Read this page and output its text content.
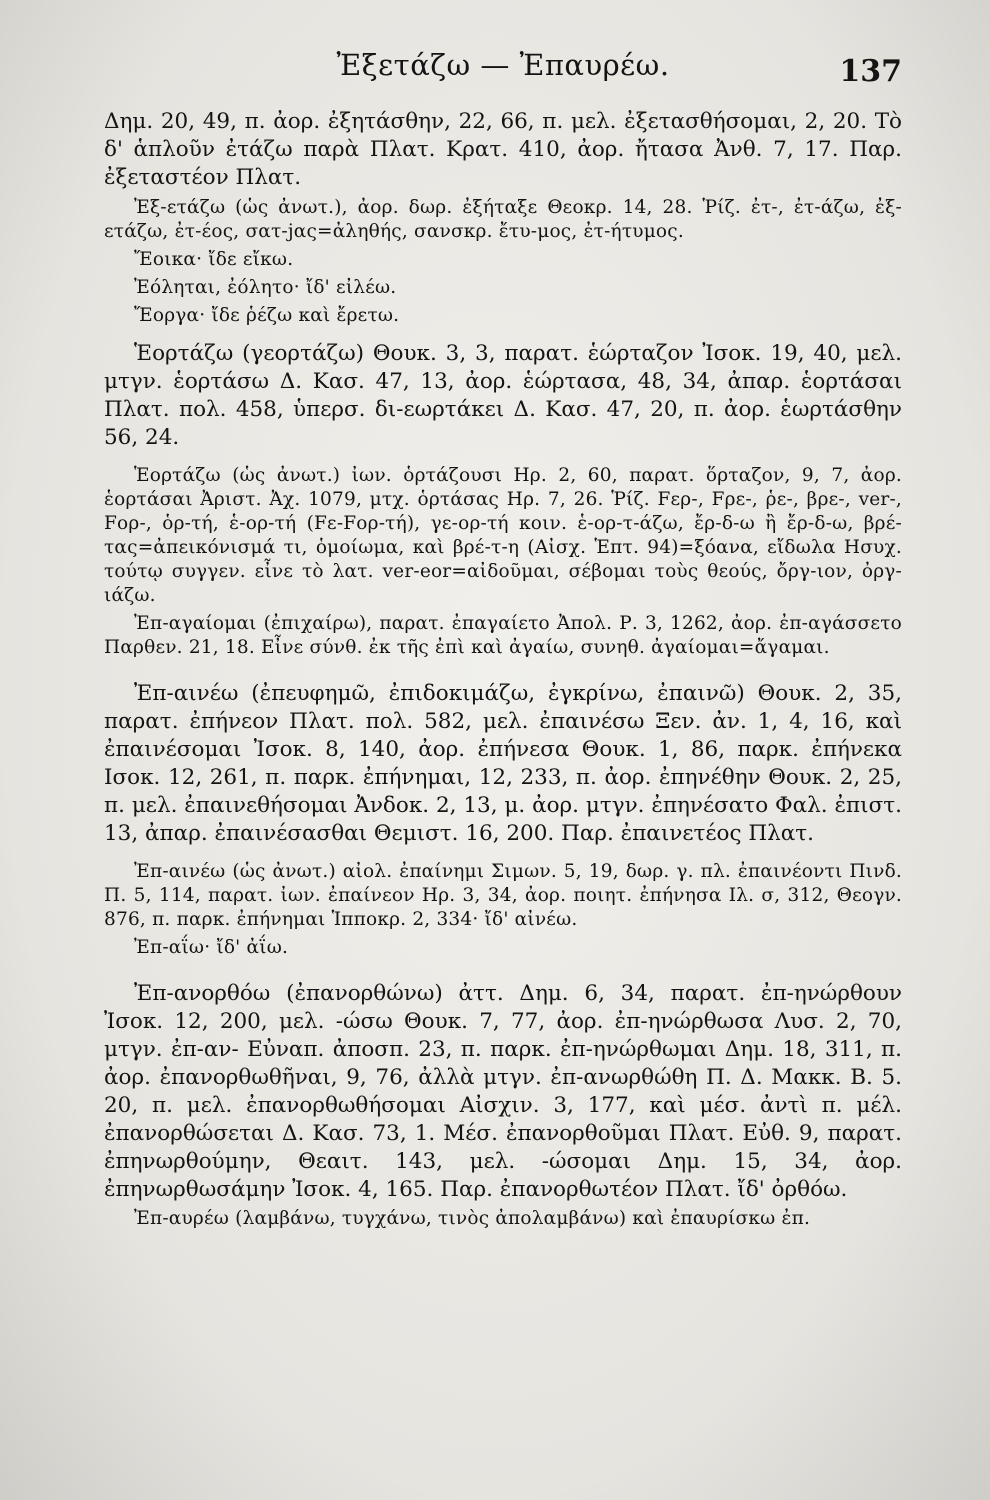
Ἐξετάζω — Ἐπαυρέω.	137

Δημ. 20, 49, π. ἀορ. ἐξητάσθην, 22, 66, π. μελ. ἐξετασθήσομαι, 2, 20. Τὸ δ' ἁπλοῦν ἐτάζω παρὰ Πλατ. Κρατ. 410, ἀορ. ἤτασα Ἀνθ. 7, 17. Παρ. ἐξεταστέον Πλατ.

Ἐξ-ετάζω (ὡς ἀνωτ.), ἀορ. δωρ. ἐξήταξε Θεοκρ. 14, 28. Ῥίζ. ἐτ-, ἐτ-άζω, ἐξ-ετάζω, ἐτ-έος, σατ-jας=ἀληθής, σανσκρ. ἔτυ-μος, ἐτ-ήτυμος.

Ἔοικα· ἴδε εἴκω.

Ἐόληται, ἐόλητο· ἴδ' εἰλέω.

Ἔοργα· ἴδε ῥέζω καὶ ἔρετω.

Ἑορτάζω (γεορτάζω) Θουκ. 3, 3, παρατ. ἑώρταζον Ἰσοκ. 19, 40, μελ. μτγν. ἑορτάσω Δ. Κασ. 47, 13, ἀορ. ἑώρτασα, 48, 34, ἀπαρ. ἑορτάσαι Πλατ. πολ. 458, ὑπερσ. δι-εωρτάκει Δ. Κασ. 47, 20, π. ἀορ. ἑωρτάσθην 56, 24.

Ἑορτάζω (ὡς ἀνωτ.) ἰων. ὁρτάζουσι Ηρ. 2, 60, παρατ. ὅρταζον, 9, 7, ἀορ. ἑορτάσαι Ἀριστ. Ἀχ. 1079, μτχ. ὁρτάσας Ηρ. 7, 26. Ῥίζ. Fερ-, Fρε-, ῥε-, βρε-, ver-, Fορ-, ὁρ-τή, ἑ-ορ-τή (Fε-Fορ-τή), γε-ορ-τή κοιν. ἑ-ορ-τ-άζω, ἔρ-δ-ω ἢ ἔρ-δ-ω, βρέ-τας=ἀπεικόνισμά τι, ὁμοίωμα, καὶ βρέ-τ-η (Αἰσχ. Ἑπτ. 94)=ξόανα, εἴδωλα Ησυχ. τούτῳ συγγεν. εἶνε τὸ λατ. ver-eor=αἰδοῦμαι, σέβομαι τοὺς θεούς, ὄργ-ιον, ὀργ-ιάζω.

Ἐπ-αγαίομαι (ἐπιχαίρω), παρατ. ἐπαγαίετο Ἀπολ. Ρ. 3, 1262, ἀορ. ἐπ-αγάσσετο Παρθεν. 21, 18. Εἶνε σύνθ. ἐκ τῆς ἐπὶ καὶ ἀγαίω, συνηθ. ἀγαίομαι=ἄγαμαι.

Ἐπ-αινέω (ἐπευφημῶ, ἐπιδοκιμάζω, ἐγκρίνω, ἐπαινῶ) Θουκ. 2, 35, παρατ. ἐπήνεον Πλατ. πολ. 582, μελ. ἐπαινέσω Ξεν. ἀν. 1, 4, 16, καὶ ἐπαινέσομαι Ἰσοκ. 8, 140, ἀορ. ἐπήνεσα Θουκ. 1, 86, παρκ. ἐπήνεκα Ισοκ. 12, 261, π. παρκ. ἐπήνημαι, 12, 233, π. ἀορ. ἐπηνέθην Θουκ. 2, 25, π. μελ. ἐπαινεθήσομαι Ἀνδοκ. 2, 13, μ. ἀορ. μτγν. ἐπηνέσατο Φαλ. ἐπιστ. 13, ἀπαρ. ἐπαινέσασθαι Θεμιστ. 16, 200. Παρ. ἐπαινετέος Πλατ.

Ἐπ-αινέω (ὡς ἀνωτ.) αἰολ. ἐπαίνημι Σιμων. 5, 19, δωρ. γ. πλ. ἐπαινέοντι Πινδ. Π. 5, 114, παρατ. ἰων. ἐπαίνεον Ηρ. 3, 34, ἀορ. ποιητ. ἐπήνησα Ιλ. σ, 312, Θεογν. 876, π. παρκ. ἐπήνημαι Ἱπποκρ. 2, 334· ἴδ' αἰνέω.

Ἐπ-αΐω· ἴδ' ἀΐω.

Ἐπ-ανορθόω (ἐπανορθώνω) ἀττ. Δημ. 6, 34, παρατ. ἐπ-ηνώρθουν Ἰσοκ. 12, 200, μελ. -ώσω Θουκ. 7, 77, ἀορ. ἐπ-ηνώρθωσα Λυσ. 2, 70, μτγν. ἐπ-αν- Εὐναπ. ἀποσπ. 23, π. παρκ. ἐπ-ηνώρθωμαι Δημ. 18, 311, π. ἀορ. ἐπανορθωθῆναι, 9, 76, ἀλλὰ μτγν. ἐπ-ανωρθώθη Π. Δ. Μακκ. Β. 5. 20, π. μελ. ἐπανορθωθήσομαι Αἰσχιν. 3, 177, καὶ μέσ. ἀντὶ π. μέλ. ἐπανορθώσεται Δ. Κασ. 73, 1. Μέσ. ἐπανορθοῦμαι Πλατ. Εὐθ. 9, παρατ. ἐπηνωρθούμην, Θεαιτ. 143, μελ. -ώσομαι Δημ. 15, 34, ἀορ. ἐπηνωρθωσάμην Ἰσοκ. 4, 165. Παρ. ἐπανορθωτέον Πλατ. ἴδ' ὀρθόω.

Ἐπ-αυρέω (λαμβάνω, τυγχάνω, τινὸς ἀπολαμβάνω) καὶ ἐπαυρίσκω ἐπ.
